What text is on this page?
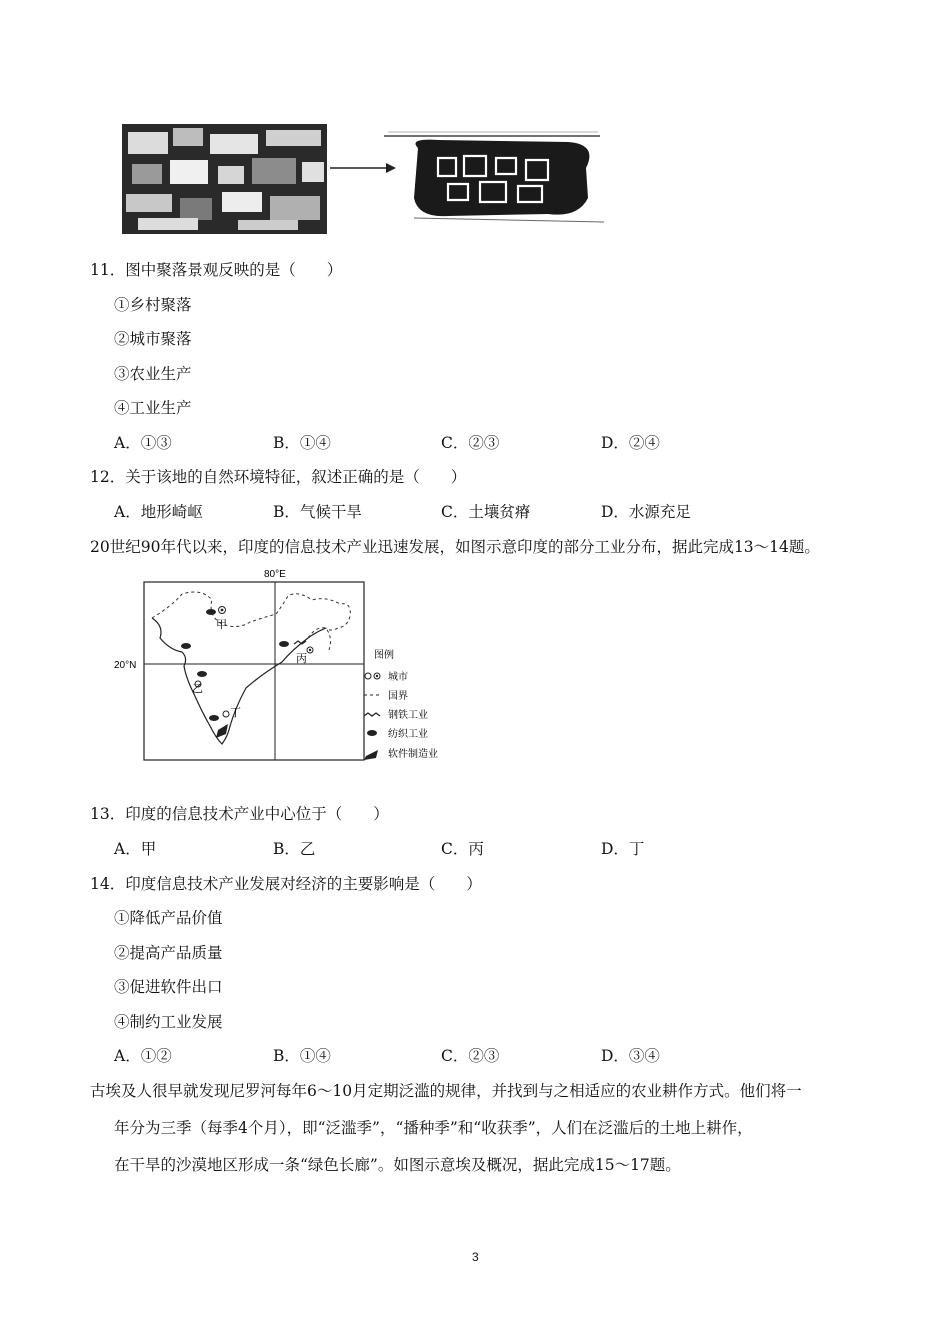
11．图中聚落景观反映的是（　　）
①乡村聚落
②城市聚落
③农业生产
④工业生产
A．①③	B．①④	C．②③	D．②④
12．关于该地的自然环境特征，叙述正确的是（　　）
A．地形崎岖	B．气候干旱	C．土壤贫瘠	D．水源充足
20世纪90年代以来，印度的信息技术产业迅速发展，如图示意印度的部分工业分布，据此完成13～14题。
80°E
20°N
甲
乙
丙
丁
图例
城市
国界
钢铁工业
纺织工业
软件制造业
13．印度的信息技术产业中心位于（　　）
A．甲	B．乙	C．丙	D．丁
14．印度信息技术产业发展对经济的主要影响是（　　）
①降低产品价值
②提高产品质量
③促进软件出口
④制约工业发展
A．①②	B．①④	C．②③	D．③④
古埃及人很早就发现尼罗河每年6～10月定期泛滥的规律，并找到与之相适应的农业耕作方式。他们将一
年分为三季（每季4个月），即“泛滥季”，“播种季”和“收获季”，人们在泛滥后的土地上耕作，
在干旱的沙漠地区形成一条“绿色长廊”。如图示意埃及概况，据此完成15～17题。
3
